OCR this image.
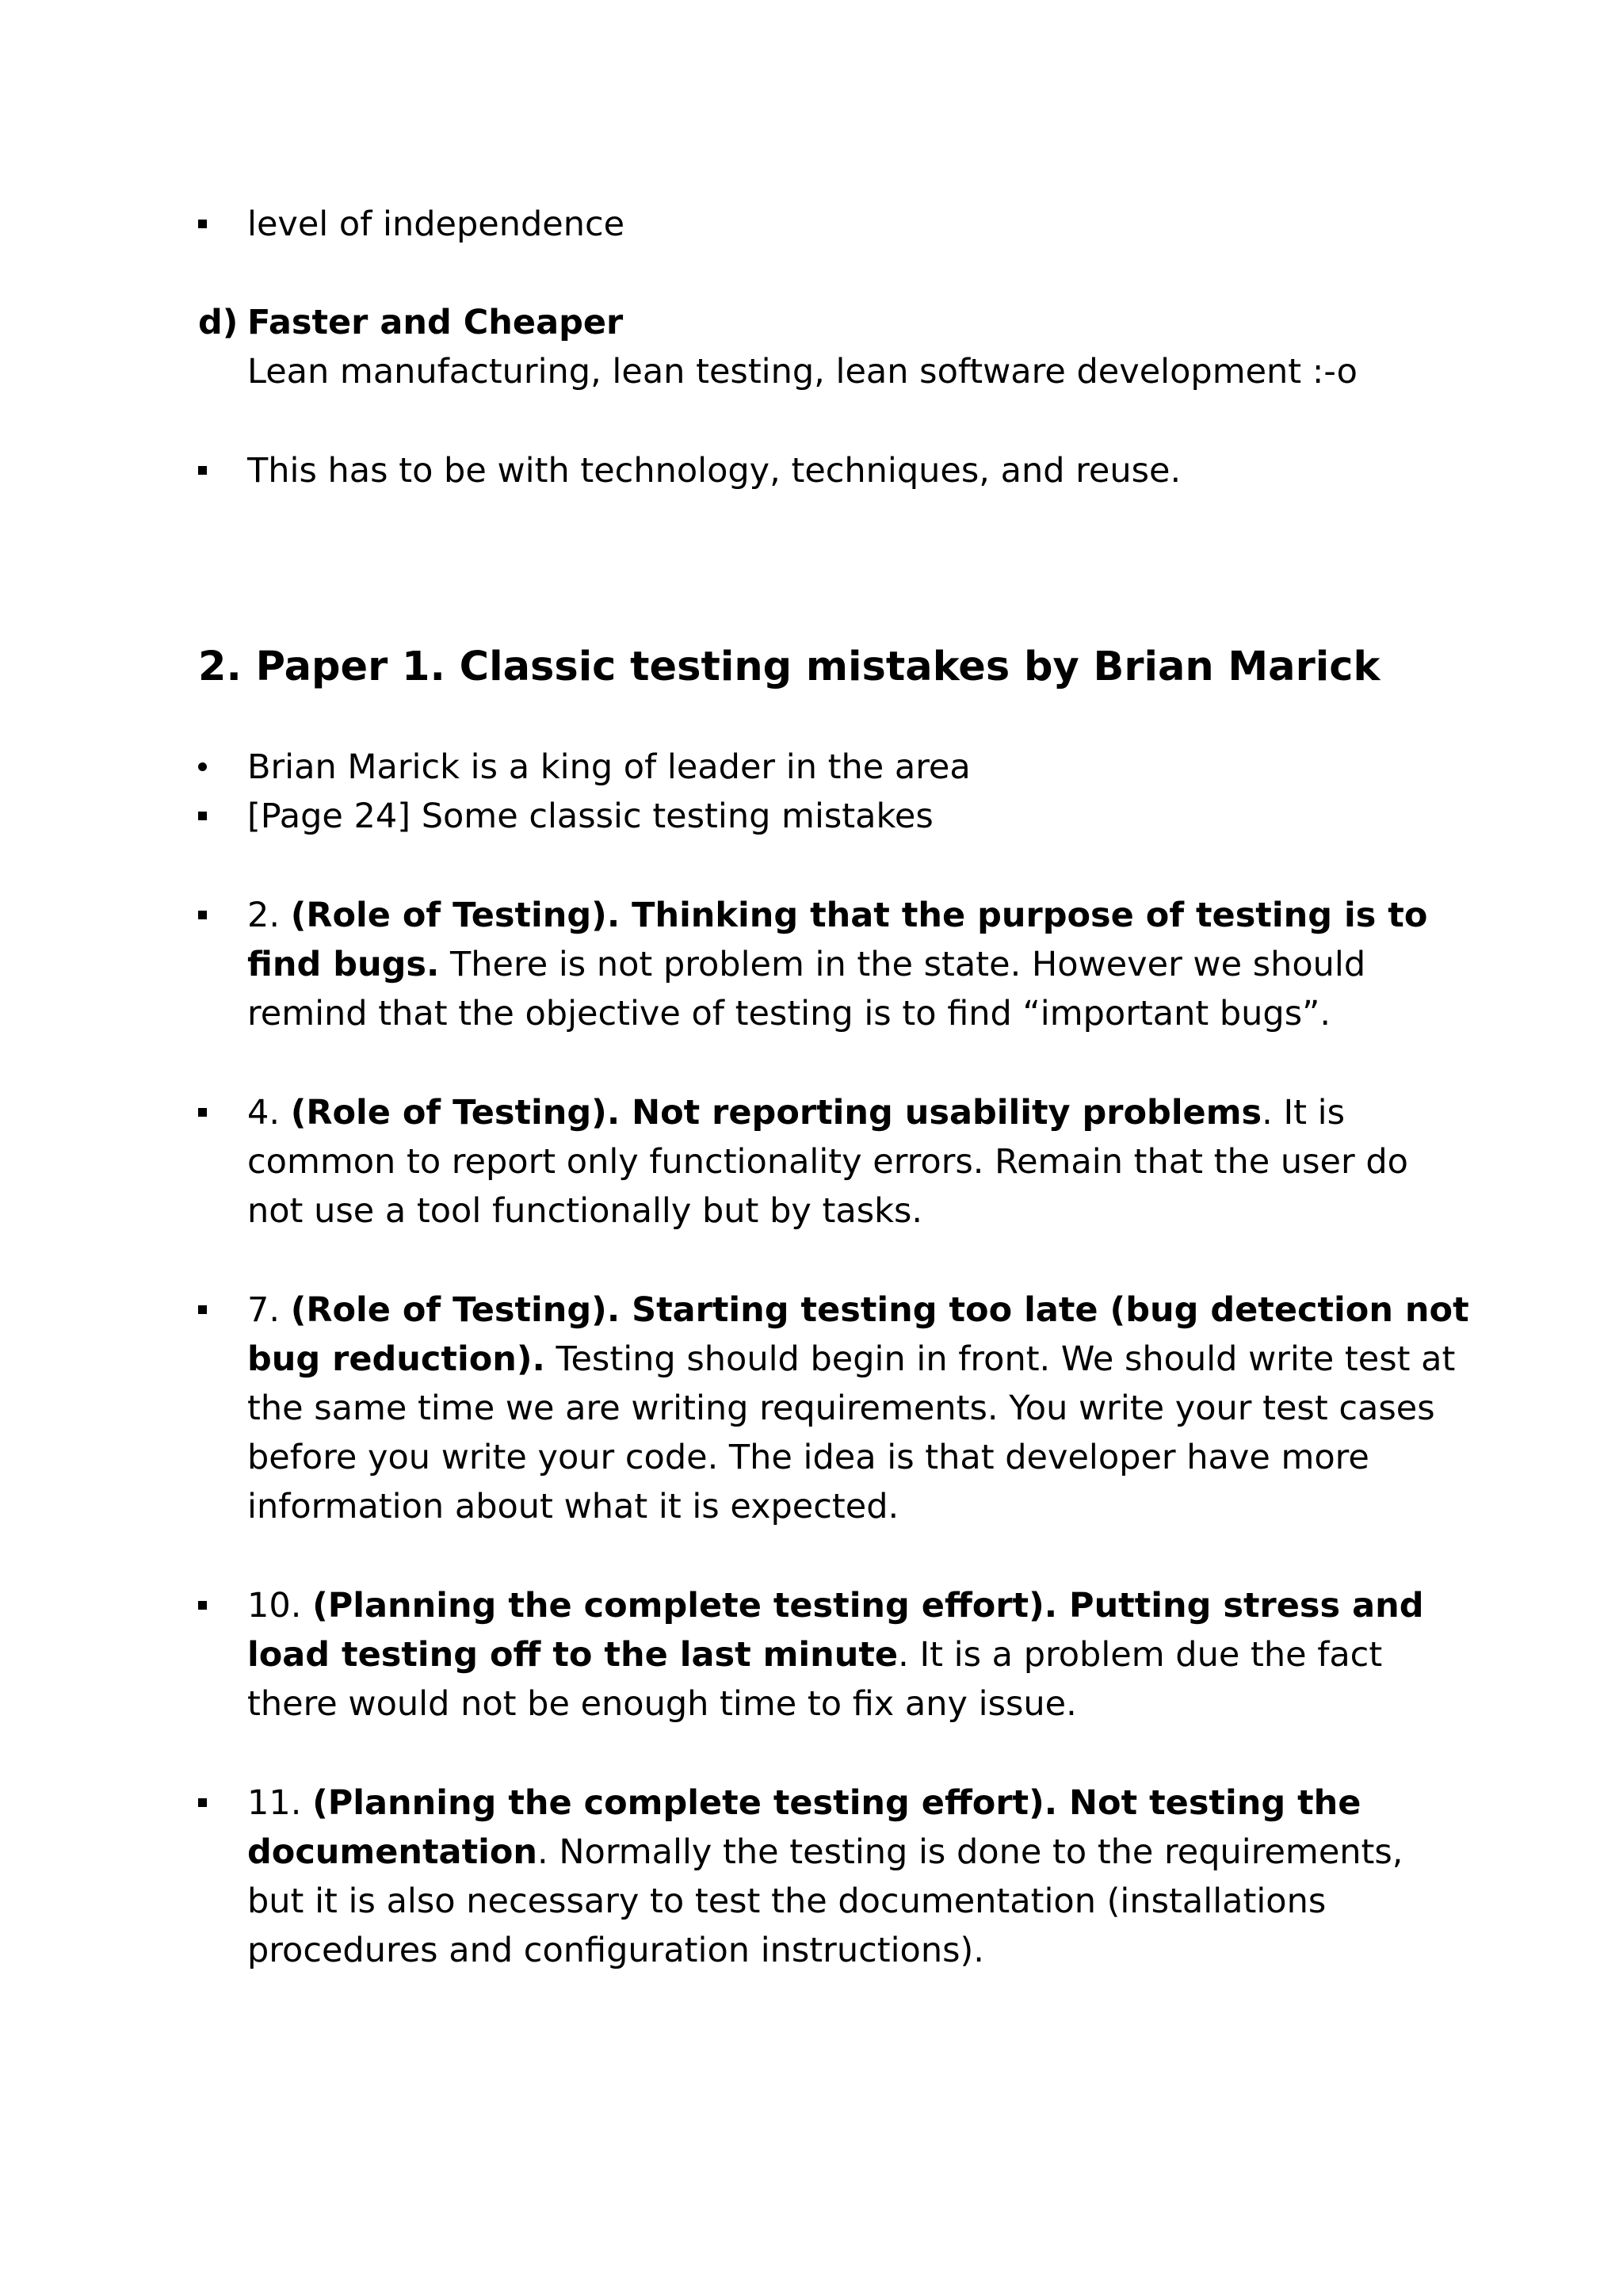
level of independence
d) Faster and Cheaper
Lean manufacturing, lean testing, lean software development :-o
This has to be with technology, techniques, and reuse.
2. Paper 1. Classic testing mistakes by Brian Marick
Brian Marick is a king of leader in the area
[Page 24] Some classic testing mistakes
2. (Role of Testing). Thinking that the purpose of testing is to
find bugs. There is not problem in the state. However we should
remind that the objective of testing is to find “important bugs”.
4. (Role of Testing). Not reporting usability problems. It is
common to report only functionality errors. Remain that the user do
not use a tool functionally but by tasks.
7. (Role of Testing). Starting testing too late (bug detection not
bug reduction). Testing should begin in front. We should write test at
the same time we are writing requirements. You write your test cases
before you write your code. The idea is that developer have more
information about what it is expected.
10. (Planning the complete testing effort). Putting stress and
load testing off to the last minute. It is a problem due the fact
there would not be enough time to fix any issue.
11. (Planning the complete testing effort). Not testing the
documentation. Normally the testing is done to the requirements,
but it is also necessary to test the documentation (installations
procedures and configuration instructions).
